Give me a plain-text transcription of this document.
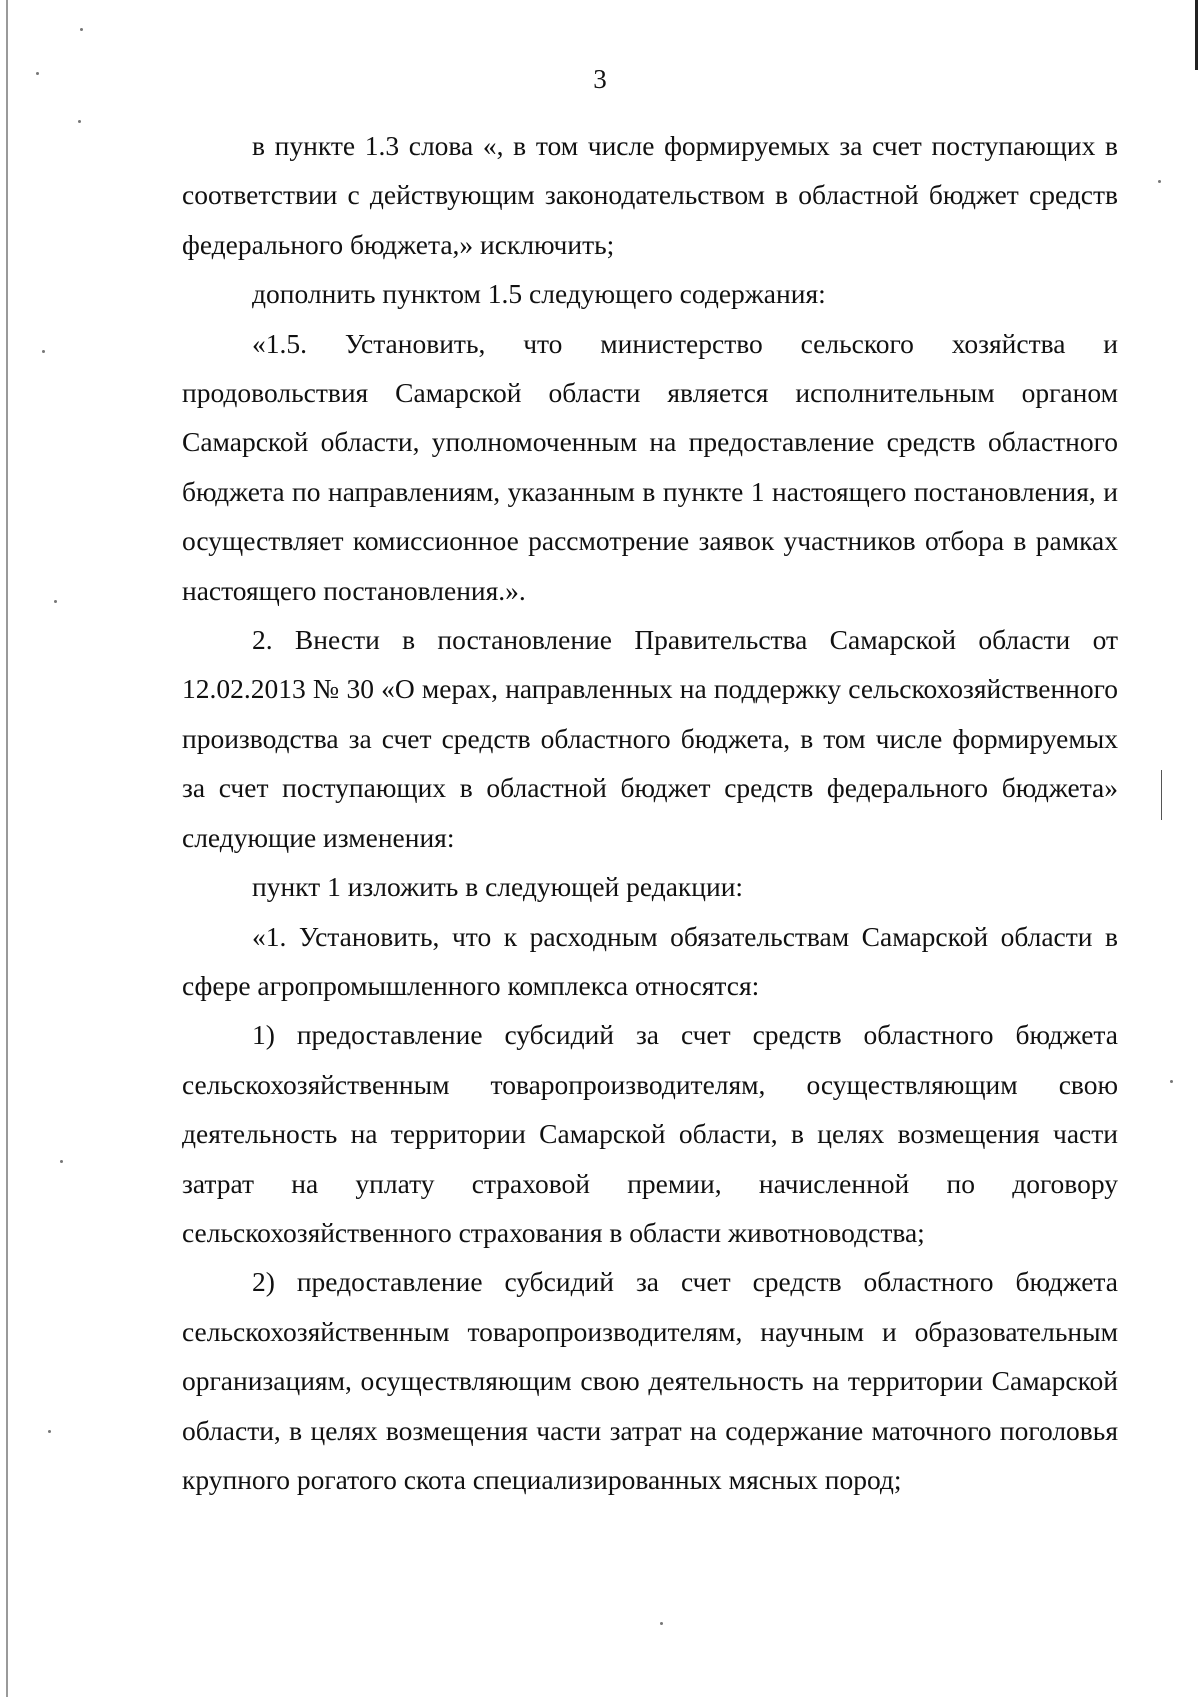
3

в пункте 1.3 слова «, в том числе формируемых за счет поступающих в соответствии с действующим законодательством в областной бюджет средств федерального бюджета,» исключить;

дополнить пунктом 1.5 следующего содержания:

«1.5. Установить, что министерство сельского хозяйства и продовольствия Самарской области является исполнительным органом Самарской области, уполномоченным на предоставление средств областного бюджета по направлениям, указанным в пункте 1 настоящего постановления, и осуществляет комиссионное рассмотрение заявок участников отбора в рамках настоящего постановления.».

2. Внести в постановление Правительства Самарской области от 12.02.2013 № 30 «О мерах, направленных на поддержку сельскохозяйственного производства за счет средств областного бюджета, в том числе формируемых за счет поступающих в областной бюджет средств федерального бюджета» следующие изменения:

пункт 1 изложить в следующей редакции:

«1. Установить, что к расходным обязательствам Самарской области в сфере агропромышленного комплекса относятся:

1) предоставление субсидий за счет средств областного бюджета сельскохозяйственным товаропроизводителям, осуществляющим свою деятельность на территории Самарской области, в целях возмещения части затрат на уплату страховой премии, начисленной по договору сельскохозяйственного страхования в области животноводства;

2) предоставление субсидий за счет средств областного бюджета сельскохозяйственным товаропроизводителям, научным и образовательным организациям, осуществляющим свою деятельность на территории Самарской области, в целях возмещения части затрат на содержание маточного поголовья крупного рогатого скота специализированных мясных пород;
